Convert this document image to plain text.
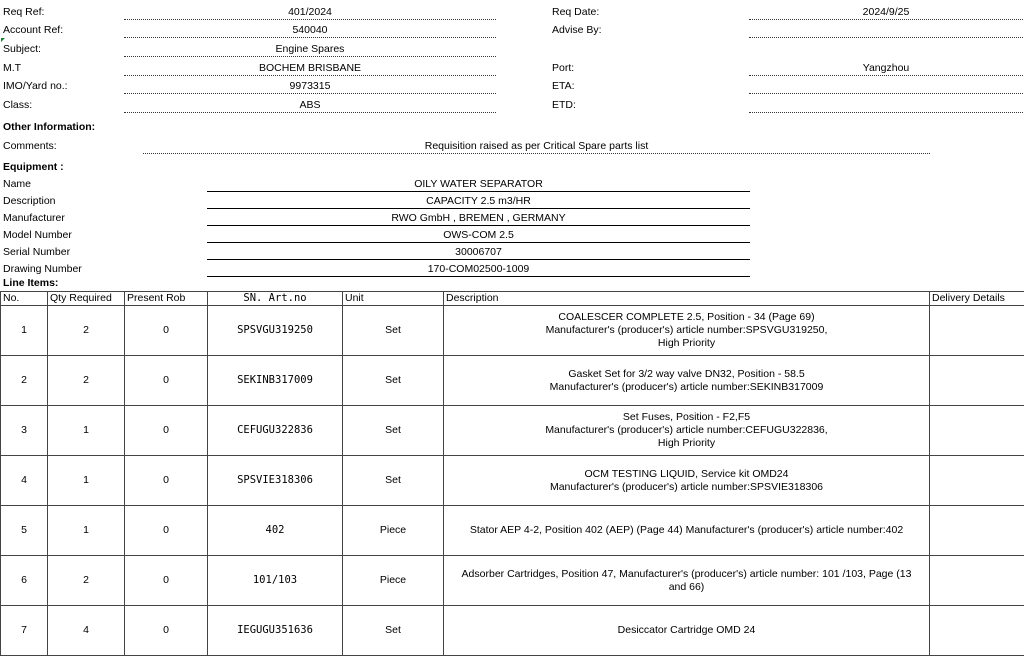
Req Ref:	401/2024
Account Ref:	540040
Subject:	Engine Spares
M.T	BOCHEM BRISBANE
IMO/Yard no.:	9973315
Class:	ABS
Req Date:	2024/9/25
Advise By:
Port:	Yangzhou
ETA:
ETD:
Other Information:
Comments:	Requisition raised as per Critical Spare parts list
Equipment :
Name	OILY WATER SEPARATOR
Description	CAPACITY 2.5 m3/HR
Manufacturer	RWO GmbH , BREMEN , GERMANY
Model Number	OWS-COM 2.5
Serial Number	30006707
Drawing Number	170-COM02500-1009
Line Items:
No.	Qty Required	Present Rob	SN. Art.no	Unit	Description	Delivery Details
1	2	0	SPSVGU319250	Set	COALESCER COMPLETE 2.5, Position - 34 (Page 69)
Manufacturer's (producer's) article number:SPSVGU319250,
High Priority	

2	2	0	SEKINB317009	Set	Gasket Set for 3/2 way valve DN32, Position - 58.5
Manufacturer's (producer's) article number:SEKINB317009	

3	1	0	CEFUGU322836	Set	Set Fuses, Position - F2,F5
Manufacturer's (producer's) article number:CEFUGU322836,
High Priority	

4	1	0	SPSVIE318306	Set	OCM TESTING LIQUID, Service kit OMD24
Manufacturer's (producer's) article number:SPSVIE318306	

5	1	0	402	Piece	Stator AEP 4-2, Position 402 (AEP) (Page 44) Manufacturer's (producer's) article number:402	

6	2	0	101/103	Piece	Adsorber Cartridges, Position 47, Manufacturer's (producer's) article number: 101 /103, Page (13
and 66)	

7	4	0	IEGUGU351636	Set	Desiccator Cartridge OMD 24	
